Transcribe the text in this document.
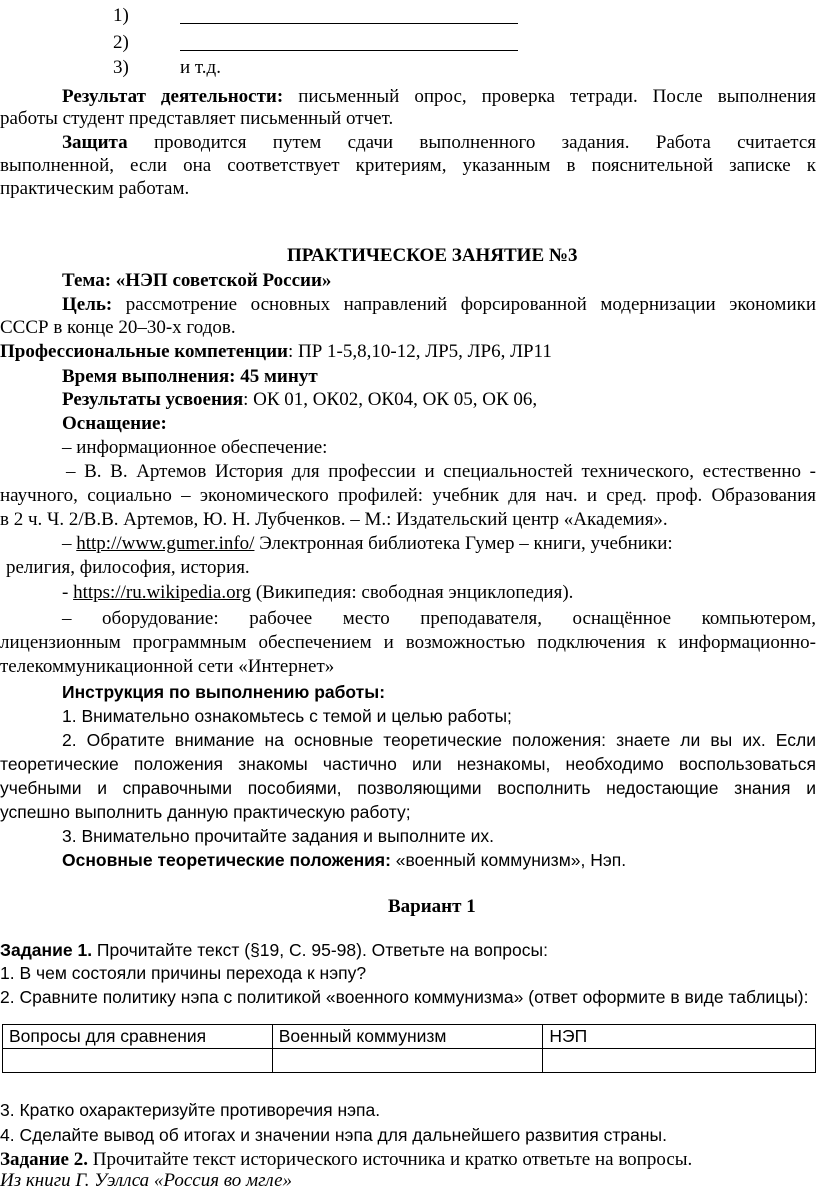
1)
2)
3)	и т.д.
Результат деятельности: письменный опрос, проверка тетради. После выполнения
работы студент представляет письменный отчет.
Защита проводится путем сдачи выполненного задания. Работа считается
выполненной, если она соответствует критериям, указанным в пояснительной записке к
практическим работам.
ПРАКТИЧЕСКОЕ ЗАНЯТИЕ №3
Тема: «НЭП советской России»
Цель: рассмотрение основных направлений форсированной модернизации экономики
СССР в конце 20–30-х годов.
Профессиональные компетенции: ПР 1-5,8,10-12, ЛР5, ЛР6, ЛР11
Время выполнения: 45 минут
Результаты усвоения: ОК 01, ОК02, ОК04, ОК 05, ОК 06,
Оснащение:
– информационное обеспечение:
– В. В. Артемов История для профессии и специальностей технического, естественно -
научного, социально – экономического профилей: учебник для нач. и сред. проф. Образования
в 2 ч. Ч. 2/В.В. Артемов, Ю. Н. Лубченков. – М.: Издательский центр «Академия».
– http://www.gumer.info/ Электронная библиотека Гумер – книги, учебники:
религия, философия, история.
- https://ru.wikipedia.org (Википедия: свободная энциклопедия).
– оборудование: рабочее место преподавателя, оснащённое компьютером,
лицензионным программным обеспечением и возможностью подключения к информационно-
телекоммуникационной сети «Интернет»
Инструкция по выполнению работы:
1. Внимательно ознакомьтесь с темой и целью работы;
2. Обратите внимание на основные теоретические положения: знаете ли вы их. Если
теоретические положения знакомы частично или незнакомы, необходимо воспользоваться
учебными и справочными пособиями, позволяющими восполнить недостающие знания и
успешно выполнить данную практическую работу;
3. Внимательно прочитайте задания и выполните их.
Основные теоретические положения: «военный коммунизм», Нэп.
Вариант 1
Задание 1. Прочитайте текст (§19, С. 95-98). Ответьте на вопросы:
1. В чем состояли причины перехода к нэпу?
2. Сравните политику нэпа с политикой «военного коммунизма» (ответ оформите в виде таблицы):
Вопросы для сравнения	Военный коммунизм	НЭП

3. Кратко охарактеризуйте противоречия нэпа.
4. Сделайте вывод об итогах и значении нэпа для дальнейшего развития страны.
Задание 2. Прочитайте текст исторического источника и кратко ответьте на вопросы.
Из книги Г. Уэллса «Россия во мгле»
